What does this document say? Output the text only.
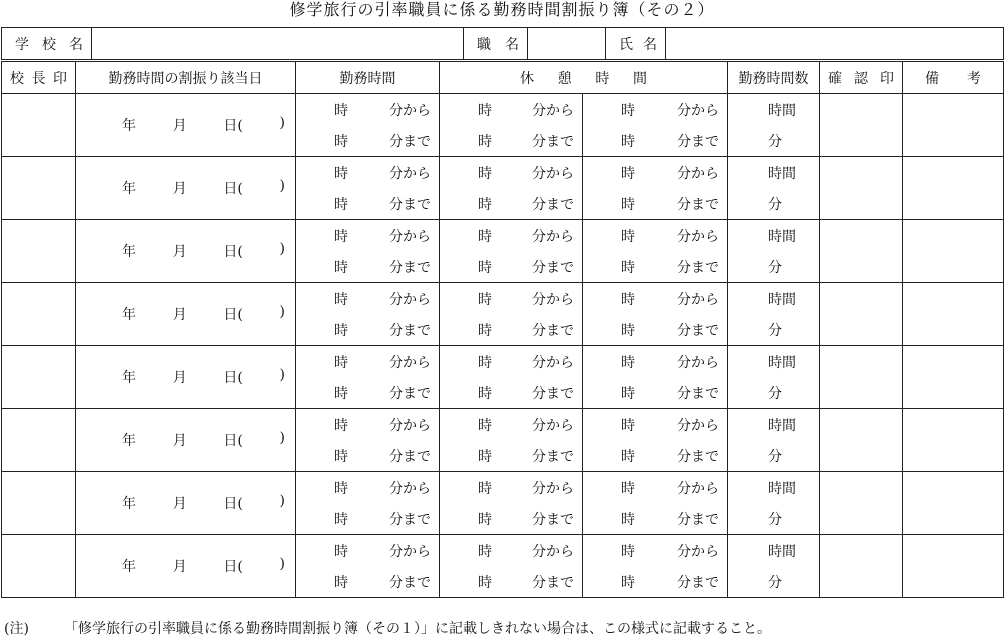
修学旅行の引率職員に係る勤務時間割振り簿（その２）
学校名		職名		氏名

校長印	勤務時間の割振り該当日	勤務時間	休憩時間		勤務時間数	確認印	備考

	年 月 日( )	時 分から	時 分から	時 分から	時間		

		時 分まで	時 分まで	時 分まで	分		

	年 月 日( )	時 分から	時 分から	時 分から	時間		

		時 分まで	時 分まで	時 分まで	分		

	年 月 日( )	時 分から	時 分から	時 分から	時間		

		時 分まで	時 分まで	時 分まで	分		

	年 月 日( )	時 分から	時 分から	時 分から	時間		

		時 分まで	時 分まで	時 分まで	分		

	年 月 日( )	時 分から	時 分から	時 分から	時間		

		時 分まで	時 分まで	時 分まで	分		

	年 月 日( )	時 分から	時 分から	時 分から	時間		

		時 分まで	時 分まで	時 分まで	分		

	年 月 日( )	時 分から	時 分から	時 分から	時間		

		時 分まで	時 分まで	時 分まで	分		

	年 月 日( )	時 分から	時 分から	時 分から	時間		

		時 分まで	時 分まで	時 分まで	分		
(注)	「修学旅行の引率職員に係る勤務時間割振り簿（その１）」に記載しきれない場合は、この様式に記載すること。
